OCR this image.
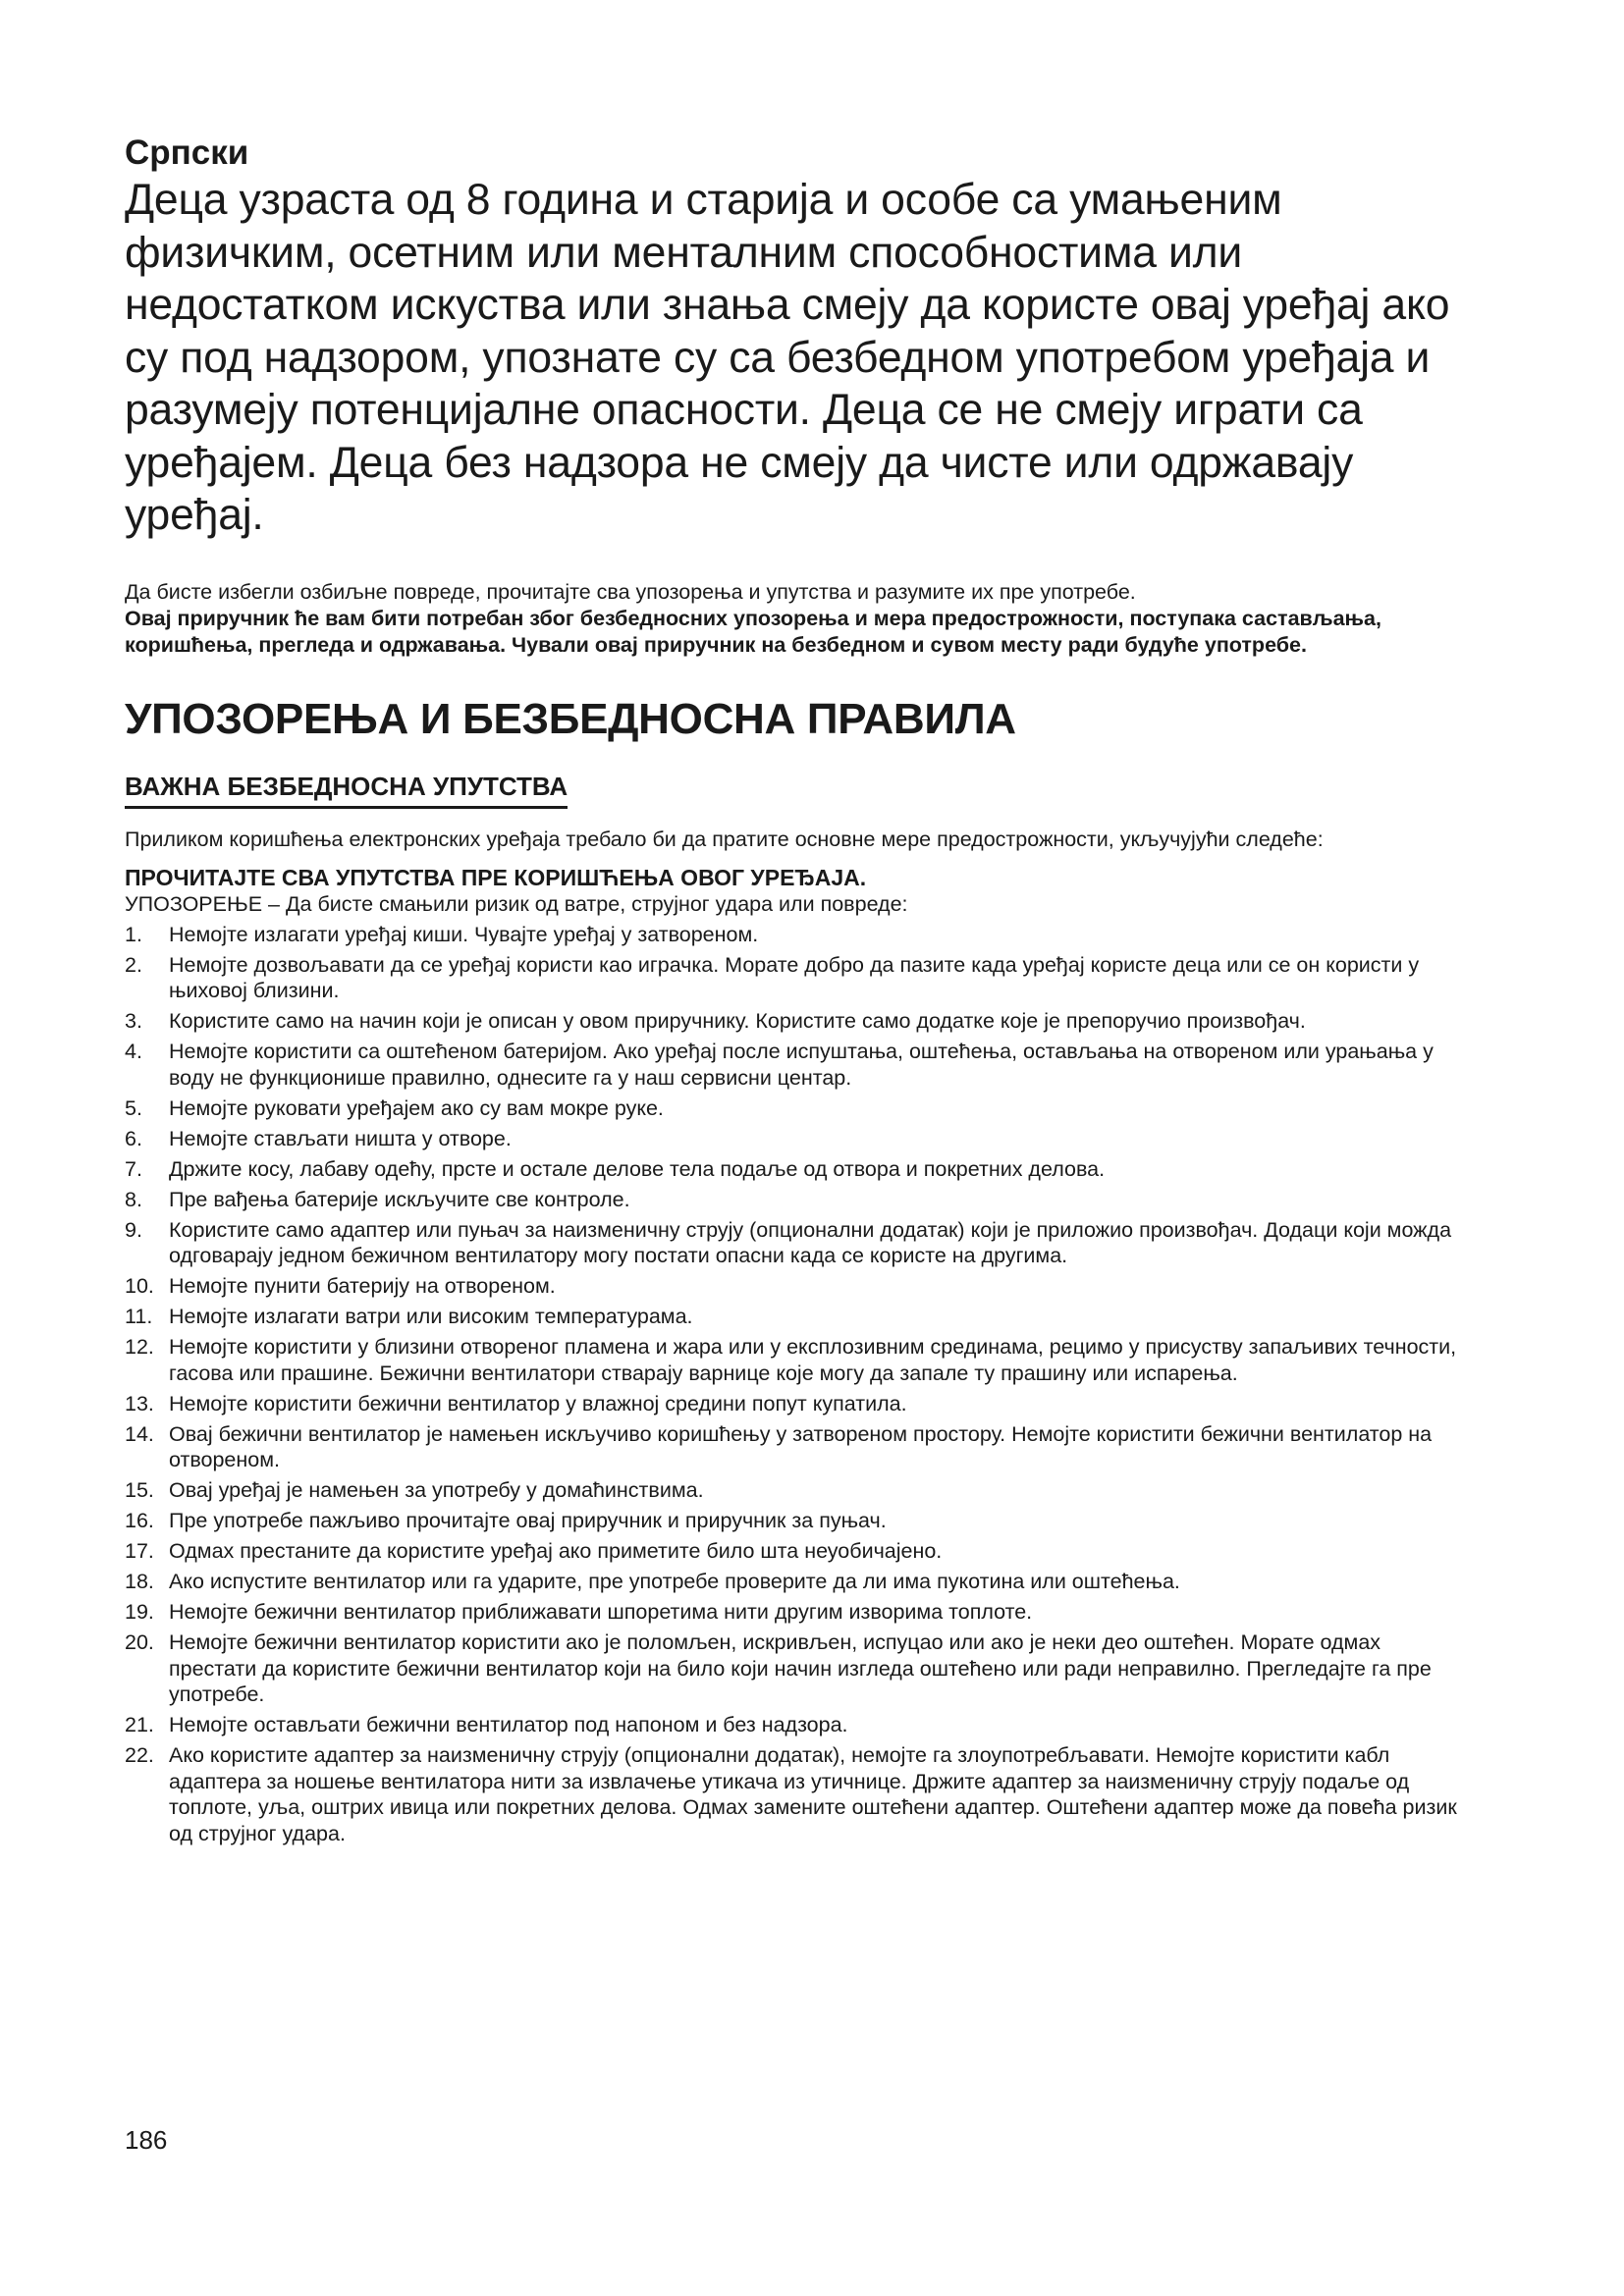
Српски

Деца узраста од 8 година и старија и особе са умањеним физичким, осетним или менталним способностима или недостатком искуства или знања смеју да користе овај уређај ако су под надзором, упознате су са безбедном употребом уређаја и разумеју потенцијалне опасности. Деца се не смеју играти са уређајем. Деца без надзора не смеју да чисте или одржавају уређај.

Да бисте избегли озбиљне повреде, прочитајте сва упозорења и упутства и разумите их пре употребе.
Овај приручник ће вам бити потребан због безбедносних упозорења и мера предострожности, поступака састављања, коришћења, прегледа и одржавања. Чували овај приручник на безбедном и сувом месту ради будуће употребе.
УПОЗОРЕЊА И БЕЗБЕДНОСНА ПРАВИЛА
ВАЖНА БЕЗБЕДНОСНА УПУТСТВА
Приликом коришћења електронских уређаја требало би да пратите основне мере предострожности, укључујући следеће:
ПРОЧИТАЈТЕ СВА УПУТСТВА ПРЕ КОРИШЋЕЊА ОВОГ УРЕЂАЈА.
УПОЗОРЕЊЕ – Да бисте смањили ризик од ватре, струјног удара или повреде:
1. Немојте излагати уређај киши. Чувајте уређај у затвореном.
2. Немојте дозвољавати да се уређај користи као играчка. Морате добро да пазите када уређај користе деца или се он користи у њиховој близини.
3. Користите само на начин који је описан у овом приручнику. Користите само додатке које је препоручио произвођач.
4. Немојте користити са оштећеном батеријом. Ако уређај после испуштања, оштећења, остављања на отвореном или урањања у воду не функционише правилно, однесите га у наш сервисни центар.
5. Немојте руковати уређајем ако су вам мокре руке.
6. Немојте стављати ништа у отворе.
7. Држите косу, лабаву одећу, прсте и остале делове тела подаље од отвора и покретних делова.
8. Пре вађења батерије искључите све контроле.
9. Користите само адаптер или пуњач за наизменичну струју (опционални додатак) који је приложио произвођач. Додаци који можда одговарају једном бежичном вентилатору могу постати опасни када се користе на другима.
10. Немојте пунити батерију на отвореном.
11. Немојте излагати ватри или високим температурама.
12. Немојте користити у близини отвореног пламена и жара или у експлозивним срединама, рецимо у присуству запаљивих течности, гасова или прашине. Бежични вентилатори стварају варнице које могу да запале ту прашину или испарења.
13. Немојте користити бежични вентилатор у влажној средини попут купатила.
14. Овај бежични вентилатор је намењен искључиво коришћењу у затвореном простору. Немојте користити бежични вентилатор на отвореном.
15. Овај уређај је намењен за употребу у домаћинствима.
16. Пре употребе пажљиво прочитајте овај приручник и приручник за пуњач.
17. Одмах престаните да користите уређај ако приметите било шта неуобичајено.
18. Ако испустите вентилатор или га ударите, пре употребе проверите да ли има пукотина или оштећења.
19. Немојте бежични вентилатор приближавати шпоретима нити другим изворима топлоте.
20. Немојте бежични вентилатор користити ако је поломљен, искривљен, испуцао или ако је неки део оштећен. Морате одмах престати да користите бежични вентилатор који на било који начин изгледа оштећено или ради неправилно. Прегледајте га пре употребе.
21. Немојте остављати бежични вентилатор под напоном и без надзора.
22. Ако користите адаптер за наизменичну струју (опционални додатак), немојте га злоупотребљавати. Немојте користити кабл адаптера за ношење вентилатора нити за извлачење утикача из утичнице. Држите адаптер за наизменичну струју подаље од топлоте, уља, оштрих ивица или покретних делова. Одмах замените оштећени адаптер. Оштећени адаптер може да повећа ризик од струјног удара.
186
